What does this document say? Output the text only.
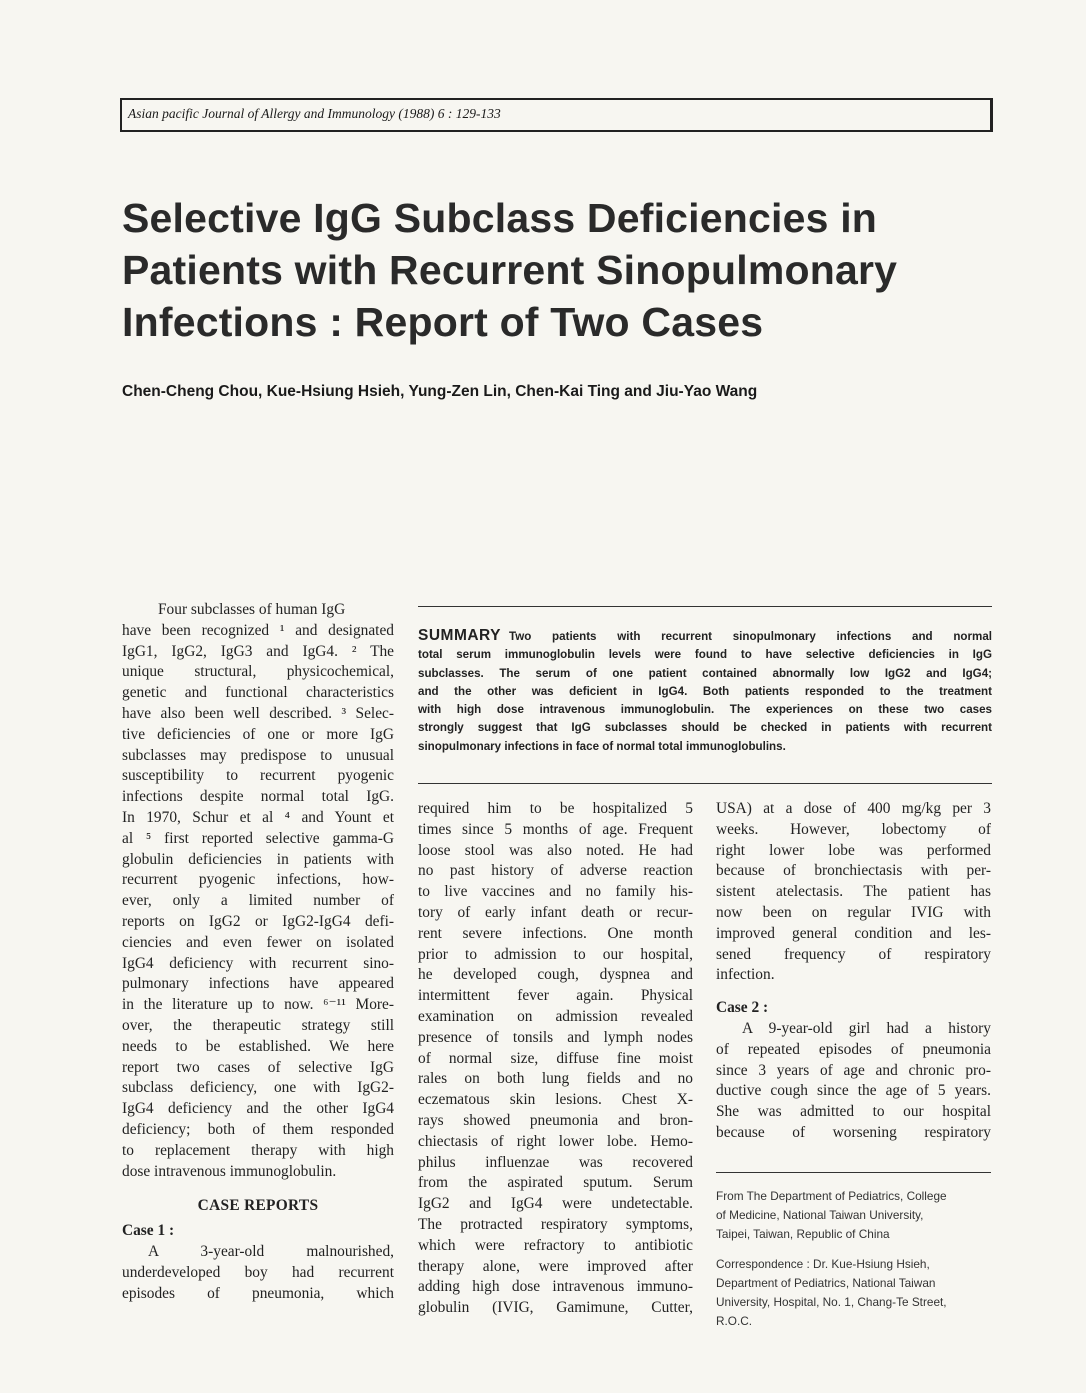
Asian pacific Journal of Allergy and Immunology (1988) 6 : 129-133
Selective IgG Subclass Deficiencies in
Patients with Recurrent Sinopulmonary
Infections : Report of Two Cases
Chen-Cheng Chou, Kue-Hsiung Hsieh, Yung-Zen Lin, Chen-Kai Ting and Jiu-Yao Wang
Four subclasses of human IgG
have been recognized ¹ and designated
IgG1, IgG2, IgG3 and IgG4. ² The
unique structural, physicochemical,
genetic and functional characteristics
have also been well described. ³ Selec-
tive deficiencies of one or more IgG
subclasses may predispose to unusual
susceptibility to recurrent pyogenic
infections despite normal total IgG.
In 1970, Schur et al ⁴ and Yount et
al ⁵ first reported selective gamma-G
globulin deficiencies in patients with
recurrent pyogenic infections, how-
ever, only a limited number of
reports on IgG2 or IgG2-IgG4 defi-
ciencies and even fewer on isolated
IgG4 deficiency with recurrent sino-
pulmonary infections have appeared
in the literature up to now. ⁶⁻¹¹ More-
over, the therapeutic strategy still
needs to be established. We here
report two cases of selective IgG
subclass deficiency, one with IgG2-
IgG4 deficiency and the other IgG4
deficiency; both of them responded
to replacement therapy with high
dose intravenous immunoglobulin.
CASE REPORTS
Case 1 :
A 3-year-old malnourished,
underdeveloped boy had recurrent
episodes of pneumonia, which
SUMMARY Two patients with recurrent sinopulmonary infections and normal
total serum immunoglobulin levels were found to have selective deficiencies in IgG
subclasses. The serum of one patient contained abnormally low IgG2 and IgG4;
and the other was deficient in IgG4. Both patients responded to the treatment
with high dose intravenous immunoglobulin. The experiences on these two cases
strongly suggest that IgG subclasses should be checked in patients with recurrent
sinopulmonary infections in face of normal total immunoglobulins.
required him to be hospitalized 5
times since 5 months of age. Frequent
loose stool was also noted. He had
no past history of adverse reaction
to live vaccines and no family his-
tory of early infant death or recur-
rent severe infections. One month
prior to admission to our hospital,
he developed cough, dyspnea and
intermittent fever again. Physical
examination on admission revealed
presence of tonsils and lymph nodes
of normal size, diffuse fine moist
rales on both lung fields and no
eczematous skin lesions. Chest X-
rays showed pneumonia and bron-
chiectasis of right lower lobe. Hemo-
philus influenzae was recovered
from the aspirated sputum. Serum
IgG2 and IgG4 were undetectable.
The protracted respiratory symptoms,
which were refractory to antibiotic
therapy alone, were improved after
adding high dose intravenous immuno-
globulin (IVIG, Gamimune, Cutter,
USA) at a dose of 400 mg/kg per 3
weeks. However, lobectomy of
right lower lobe was performed
because of bronchiectasis with per-
sistent atelectasis. The patient has
now been on regular IVIG with
improved general condition and les-
sened frequency of respiratory
infection.
Case 2 :
A 9-year-old girl had a history
of repeated episodes of pneumonia
since 3 years of age and chronic pro-
ductive cough since the age of 5 years.
She was admitted to our hospital
because of worsening respiratory
From The Department of Pediatrics, College
of Medicine, National Taiwan University,
Taipei, Taiwan, Republic of China
Correspondence : Dr. Kue-Hsiung Hsieh,
Department of Pediatrics, National Taiwan
University, Hospital, No. 1, Chang-Te Street,
R.O.C.
